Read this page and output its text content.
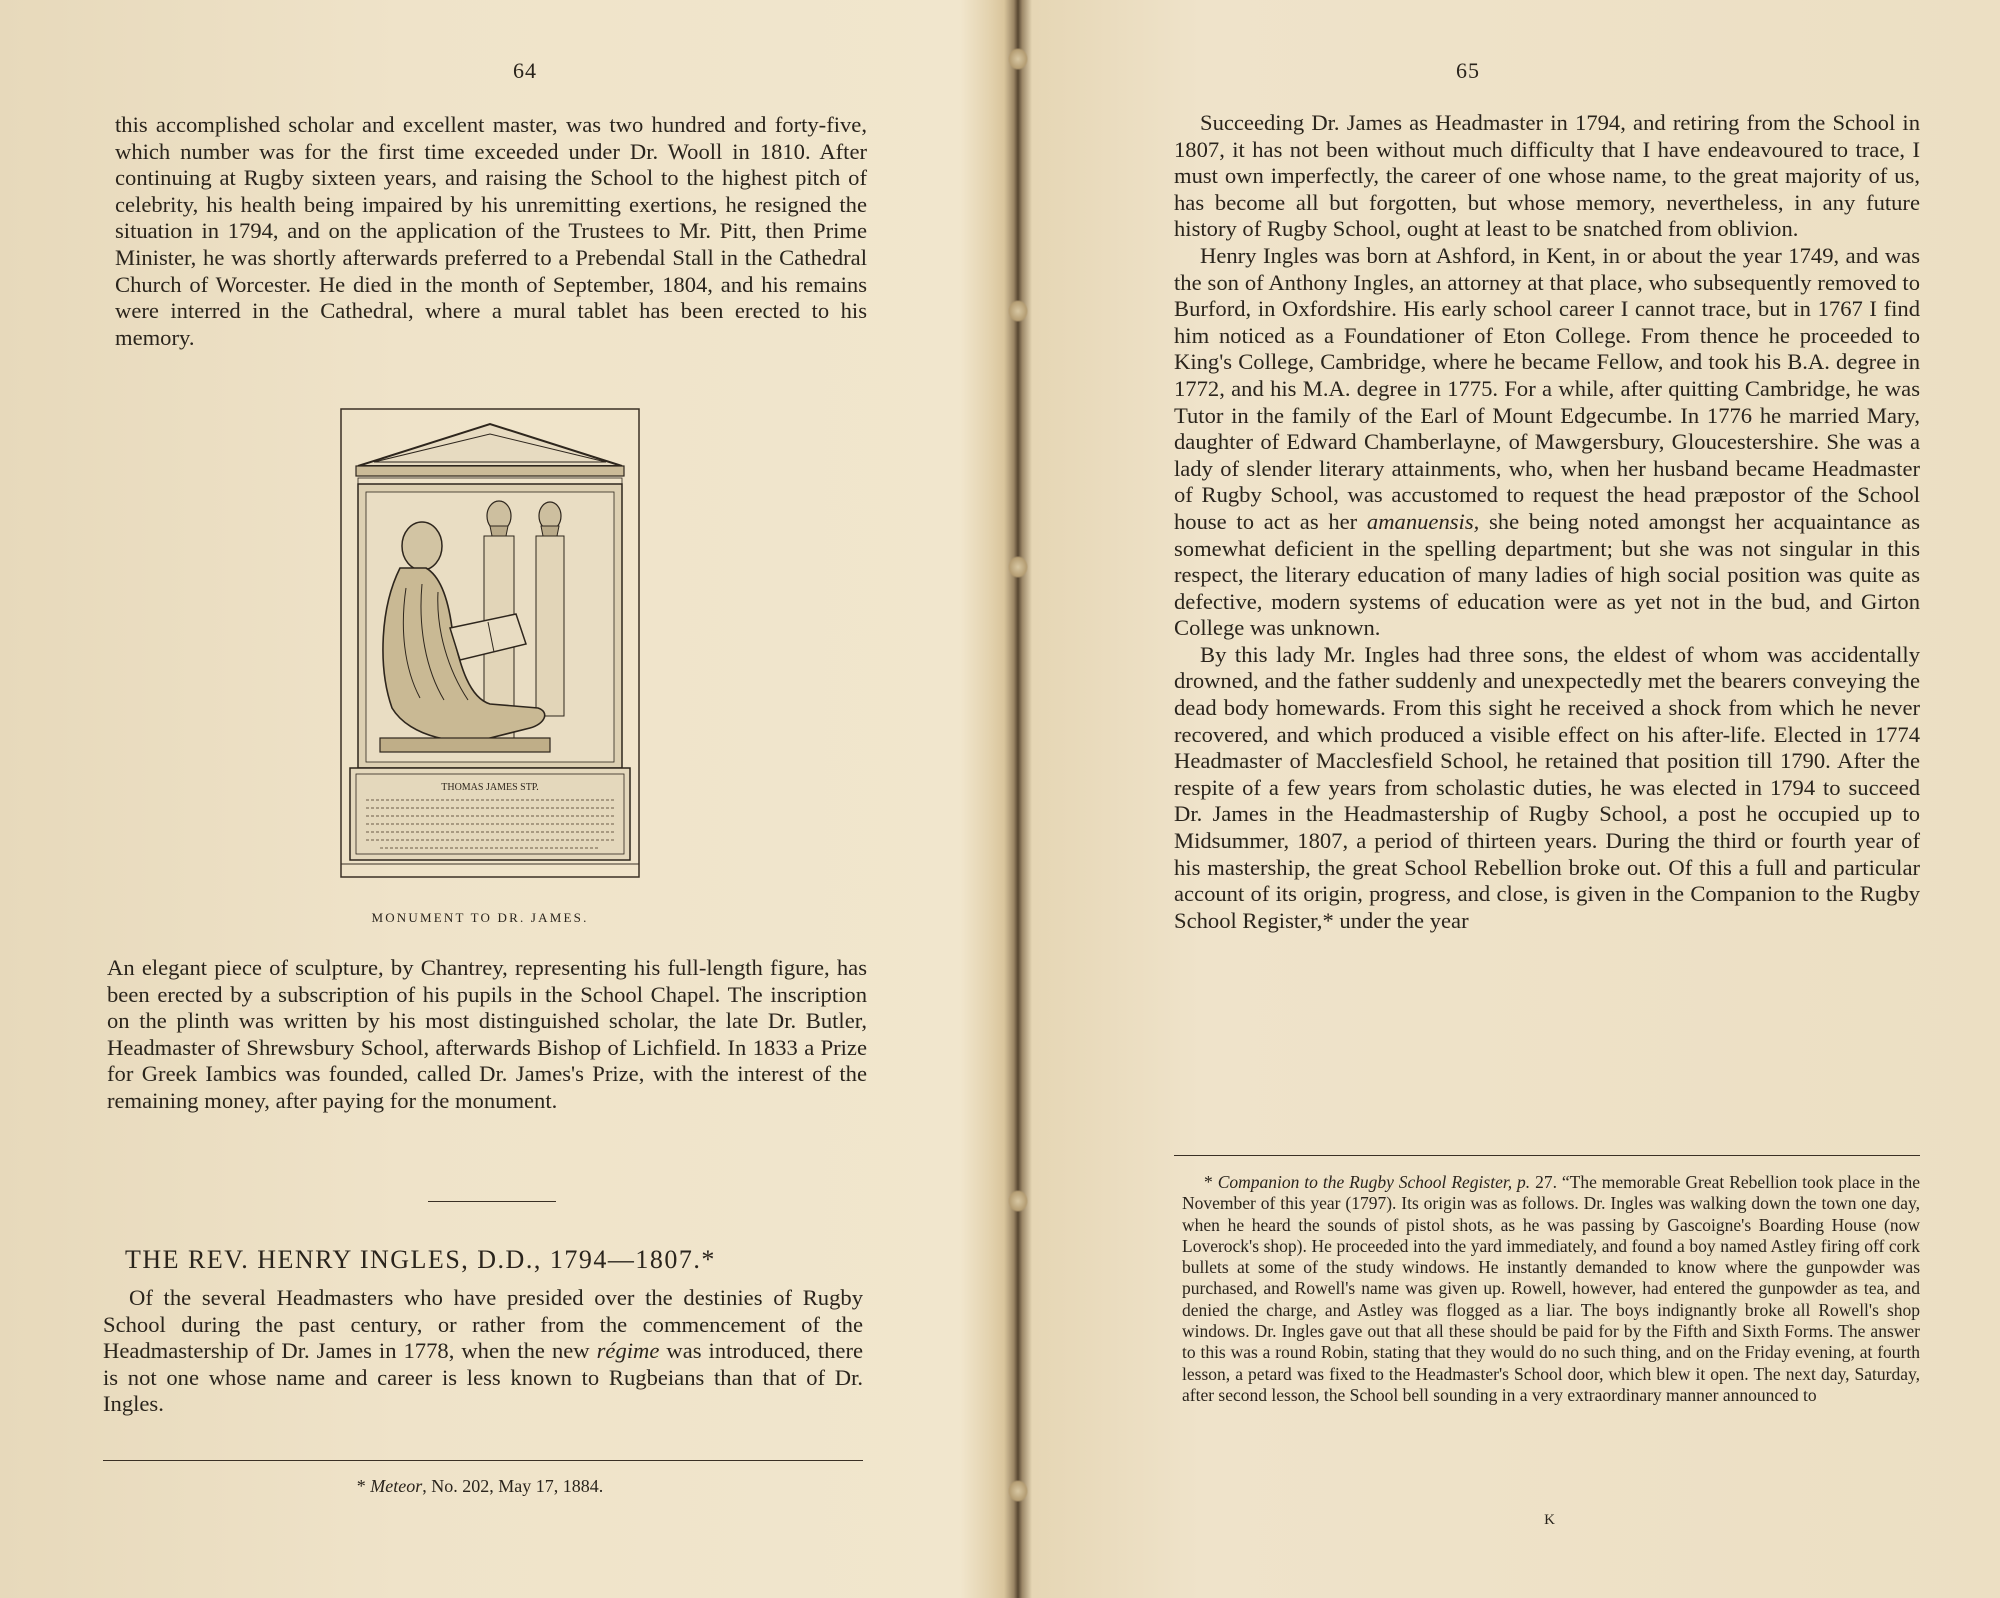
64

this accomplished scholar and excellent master, was two hundred and forty-five, which number was for the first time exceeded under Dr. Wooll in 1810. After continuing at Rugby sixteen years, and raising the School to the highest pitch of celebrity, his health being impaired by his unremitting exertions, he resigned the situation in 1794, and on the application of the Trustees to Mr. Pitt, then Prime Minister, he was shortly afterwards preferred to a Prebendal Stall in the Cathedral Church of Worcester. He died in the month of September, 1804, and his remains were interred in the Cathedral, where a mural tablet has been erected to his memory.

THOMAS JAMES STP.
MONUMENT TO DR. JAMES.

An elegant piece of sculpture, by Chantrey, representing his full-length figure, has been erected by a subscription of his pupils in the School Chapel. The inscription on the plinth was written by his most distinguished scholar, the late Dr. Butler, Headmaster of Shrewsbury School, afterwards Bishop of Lichfield. In 1833 a Prize for Greek Iambics was founded, called Dr. James's Prize, with the interest of the remaining money, after paying for the monument.

THE REV. HENRY INGLES, D.D., 1794—1807.*

Of the several Headmasters who have presided over the destinies of Rugby School during the past century, or rather from the commencement of the Headmastership of Dr. James in 1778, when the new régime was introduced, there is not one whose name and career is less known to Rugbeians than that of Dr. Ingles.

* Meteor, No. 202, May 17, 1884.
65

Succeeding Dr. James as Headmaster in 1794, and retiring from the School in 1807, it has not been without much difficulty that I have endeavoured to trace, I must own imperfectly, the career of one whose name, to the great majority of us, has become all but forgotten, but whose memory, nevertheless, in any future history of Rugby School, ought at least to be snatched from oblivion.

Henry Ingles was born at Ashford, in Kent, in or about the year 1749, and was the son of Anthony Ingles, an attorney at that place, who subsequently removed to Burford, in Oxfordshire. His early school career I cannot trace, but in 1767 I find him noticed as a Foundationer of Eton College. From thence he proceeded to King's College, Cambridge, where he became Fellow, and took his B.A. degree in 1772, and his M.A. degree in 1775. For a while, after quitting Cambridge, he was Tutor in the family of the Earl of Mount Edgecumbe. In 1776 he married Mary, daughter of Edward Chamberlayne, of Mawgersbury, Gloucestershire. She was a lady of slender literary attainments, who, when her husband became Headmaster of Rugby School, was accustomed to request the head præpostor of the School house to act as her amanuensis, she being noted amongst her acquaintance as somewhat deficient in the spelling department; but she was not singular in this respect, the literary education of many ladies of high social position was quite as defective, modern systems of education were as yet not in the bud, and Girton College was unknown.

By this lady Mr. Ingles had three sons, the eldest of whom was accidentally drowned, and the father suddenly and unexpectedly met the bearers conveying the dead body homewards. From this sight he received a shock from which he never recovered, and which produced a visible effect on his after-life. Elected in 1774 Headmaster of Macclesfield School, he retained that position till 1790. After the respite of a few years from scholastic duties, he was elected in 1794 to succeed Dr. James in the Headmastership of Rugby School, a post he occupied up to Midsummer, 1807, a period of thirteen years. During the third or fourth year of his mastership, the great School Rebellion broke out. Of this a full and particular account of its origin, progress, and close, is given in the Companion to the Rugby School Register,* under the year

* Companion to the Rugby School Register, p. 27. “The memorable Great Rebellion took place in the November of this year (1797). Its origin was as follows. Dr. Ingles was walking down the town one day, when he heard the sounds of pistol shots, as he was passing by Gascoigne's Boarding House (now Loverock's shop). He proceeded into the yard immediately, and found a boy named Astley firing off cork bullets at some of the study windows. He instantly demanded to know where the gunpowder was purchased, and Rowell's name was given up. Rowell, however, had entered the gunpowder as tea, and denied the charge, and Astley was flogged as a liar. The boys indignantly broke all Rowell's shop windows. Dr. Ingles gave out that all these should be paid for by the Fifth and Sixth Forms. The answer to this was a round Robin, stating that they would do no such thing, and on the Friday evening, at fourth lesson, a petard was fixed to the Headmaster's School door, which blew it open. The next day, Saturday, after second lesson, the School bell sounding in a very extraordinary manner announced to

K
